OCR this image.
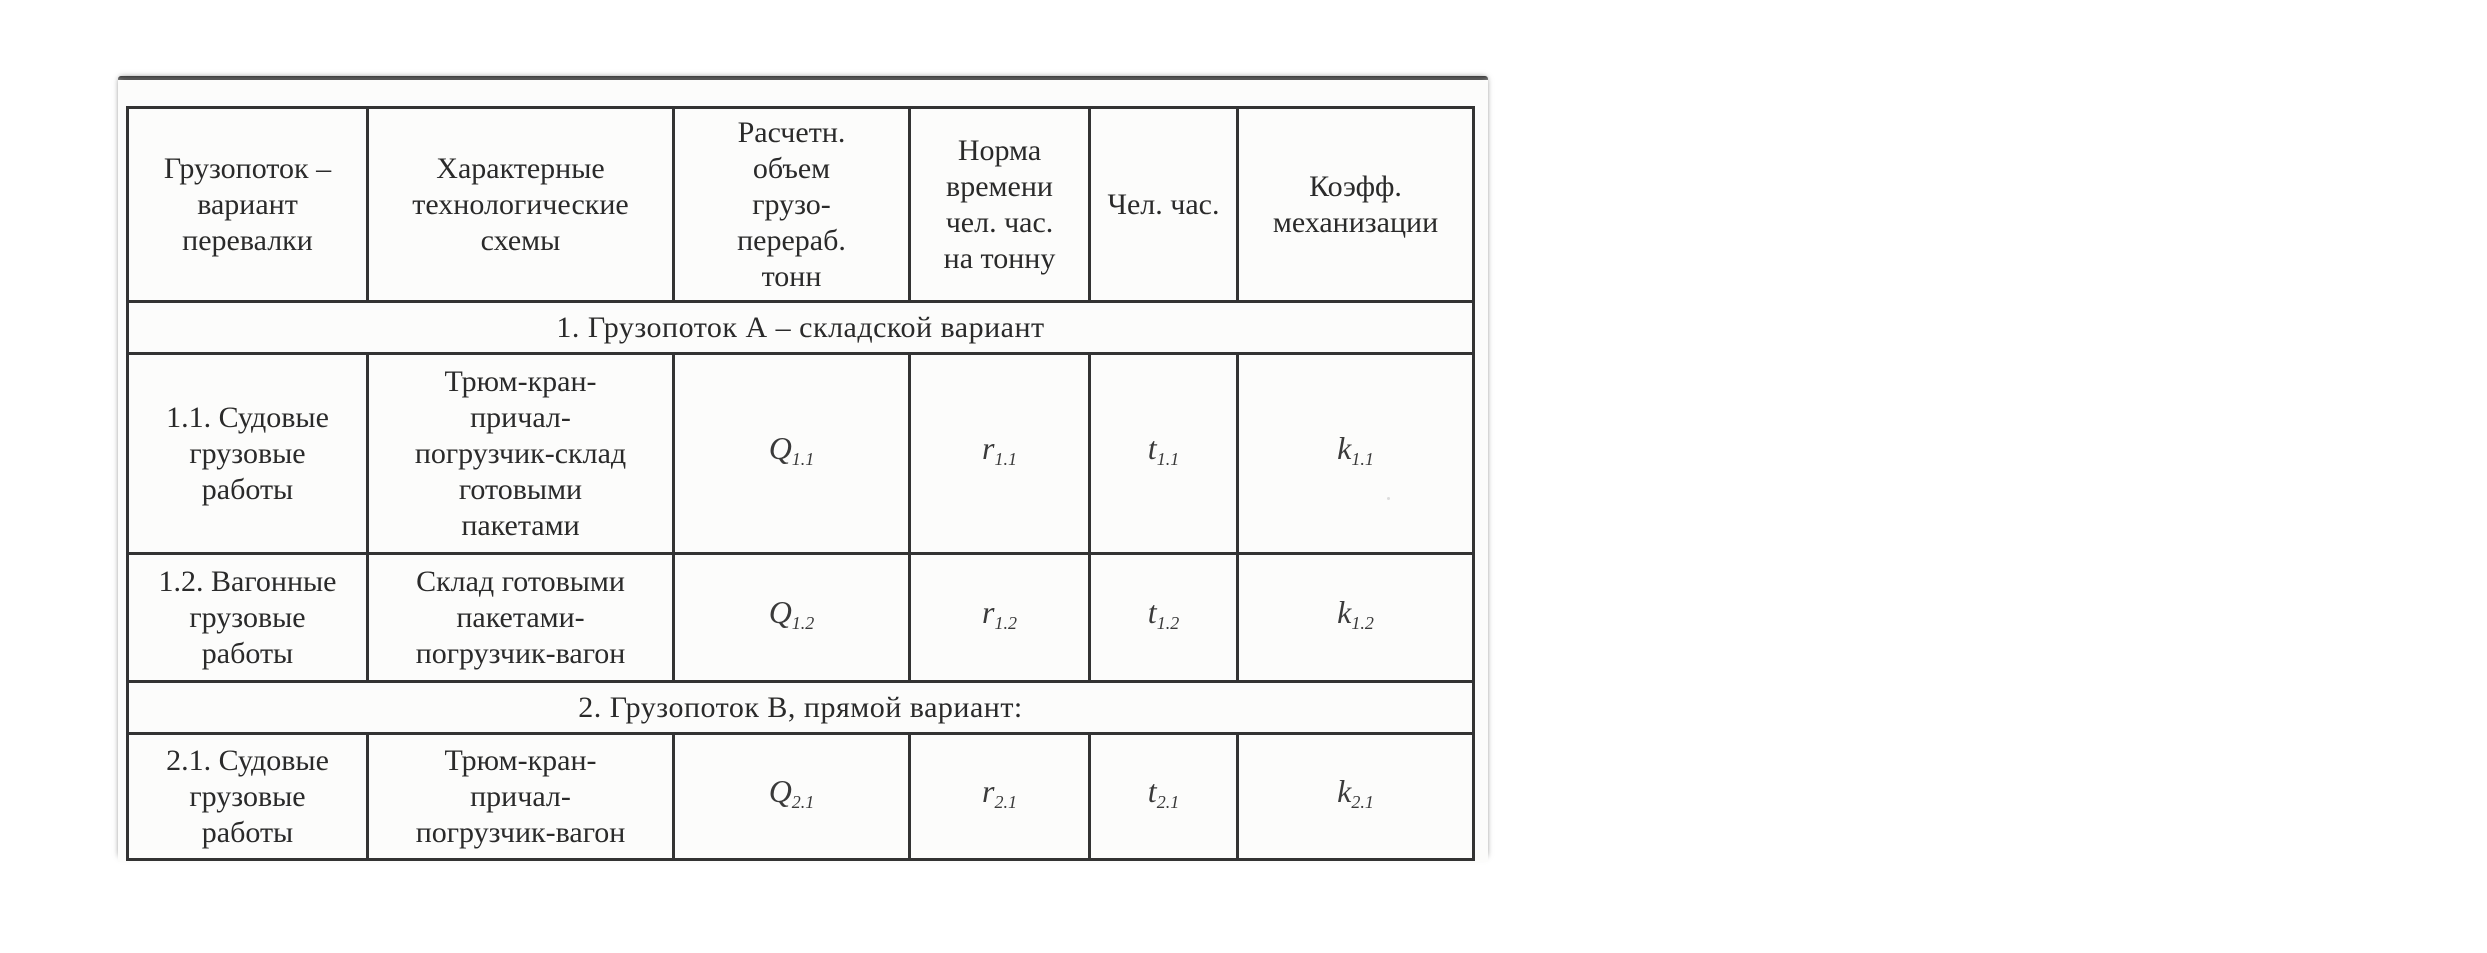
Грузопоток –
вариант
перевалки	Характерные
технологические
схемы	Расчетн.
объем
грузо-
перераб.
тонн	Норма
времени
чел. час.
на тонну	Чел. час.	Коэфф.
механизации
1. Грузопоток А – складской вариант					
1.1. Судовые
грузовые
работы	Трюм-кран-
причал-
погрузчик-склад
готовыми
пакетами	$Q_{1.1}$	$r_{1.1}$	$t_{1.1}$	$k_{1.1}$
1.2. Вагонные
грузовые
работы	Склад готовыми
пакетами-
погрузчик-вагон	$Q_{1.2}$	$r_{1.2}$	$t_{1.2}$	$k_{1.2}$
2. Грузопоток В, прямой вариант:					
2.1. Судовые
грузовые
работы	Трюм-кран-
причал-
погрузчик-вагон	$Q_{2.1}$	$r_{2.1}$	$t_{2.1}$	$k_{2.1}$
